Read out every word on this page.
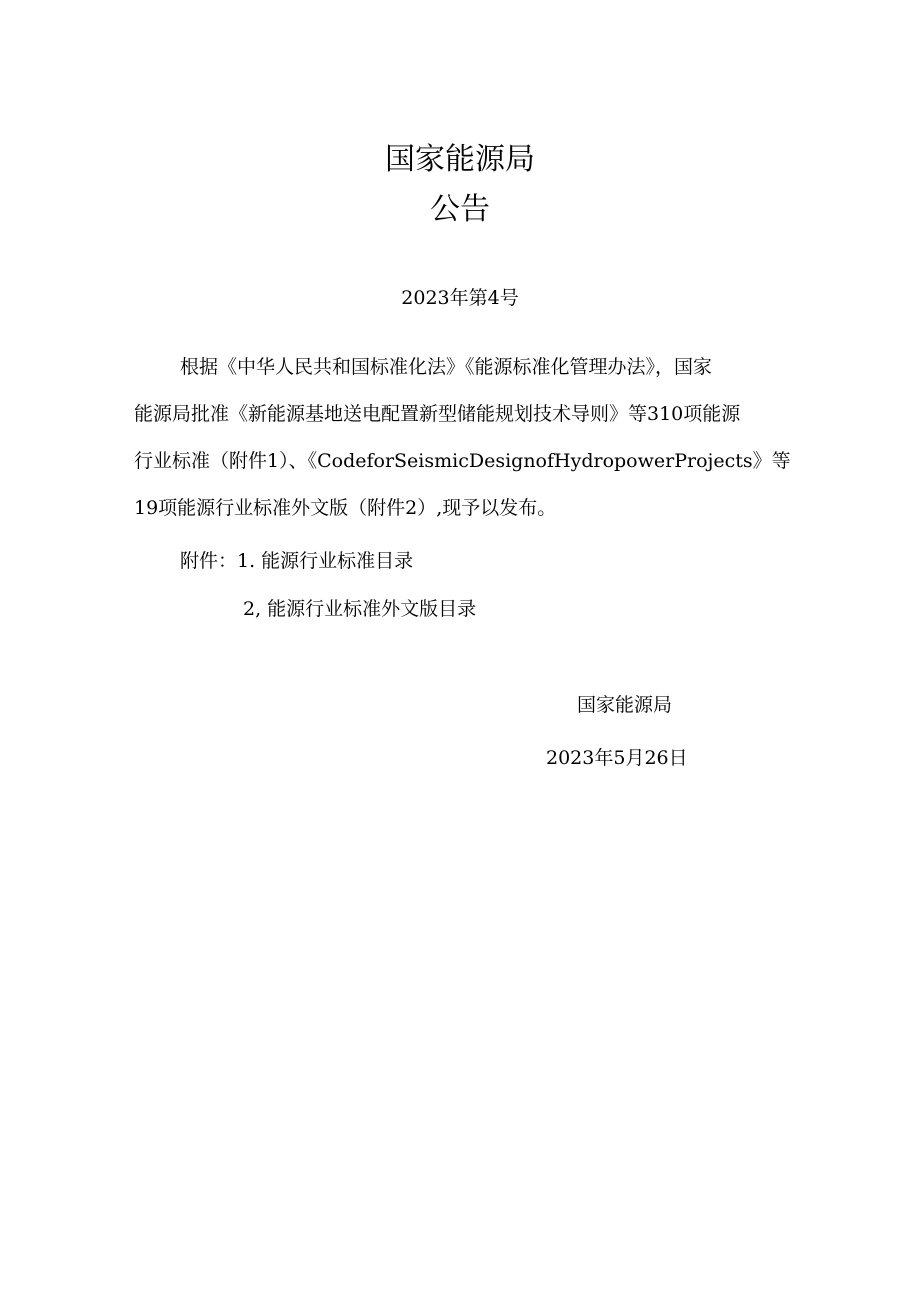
国家能源局
公告
2023年第4号
根据《中华人民共和国标准化法》《能源标准化管理办法》，国家
能源局批准《新能源基地送电配置新型储能规划技术导则》等310项能源
行业标准（附件1）、《CodeforSeismicDesignofHydropowerProjects》等
19项能源行业标准外文版（附件2）,现予以发布。
附件：1. 能源行业标准目录
2, 能源行业标准外文版目录
国家能源局
2023年5月26日
